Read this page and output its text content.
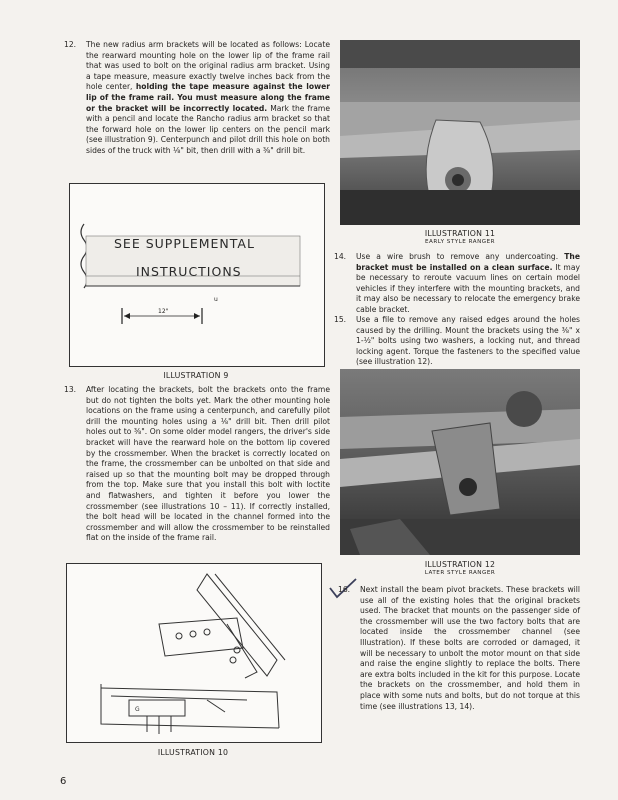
12. The new radius arm brackets will be located as follows: Locate the rearward mounting hole on the lower lip of the frame rail that was used to bolt on the original radius arm bracket. Using a tape measure, measure exactly twelve inches back from the hole center, holding the tape measure against the lower lip of the frame rail. You must measure along the frame or the bracket will be incorrectly located. Mark the frame with a pencil and locate the Rancho radius arm bracket so that the forward hole on the lower lip centers on the pencil mark (see illustration 9). Centerpunch and pilot drill this hole on both sides of the truck with ⅛" bit, then drill with a ⅜" drill bit.
SEE SUPPLEMENTAL
INSTRUCTIONS
12"
u
ILLUSTRATION 9
13. After locating the brackets, bolt the brackets onto the frame but do not tighten the bolts yet. Mark the other mounting hole locations on the frame using a centerpunch, and carefully pilot drill the mounting holes using a ⅛" drill bit. Then drill pilot holes out to ⅜". On some older model rangers, the driver's side bracket will have the rearward hole on the bottom lip covered by the crossmember. When the bracket is correctly located on the frame, the crossmember can be unbolted on that side and raised up so that the mounting bolt may be dropped through from the top. Make sure that you install this bolt with loctite and flatwashers, and tighten it before you lower the crossmember (see illustrations 10 – 11). If correctly installed, the bolt head will be located in the channel formed into the crossmember and will allow the crossmember to be reinstalled flat on the inside of the frame rail.
G
ILLUSTRATION 10
ILLUSTRATION 11
EARLY STYLE RANGER
14. Use a wire brush to remove any undercoating. The bracket must be installed on a clean surface. It may be necessary to reroute vacuum lines on certain model vehicles if they interfere with the mounting brackets, and it may also be necessary to relocate the emergency brake cable bracket.
15. Use a file to remove any raised edges around the holes caused by the drilling. Mount the brackets using the ⅜" x 1-½" bolts using two washers, a locking nut, and thread locking agent. Torque the fasteners to the specified value (see illustration 12).
ILLUSTRATION 12
LATER STYLE RANGER
16. Next install the beam pivot brackets. These brackets will use all of the existing holes that the original brackets used. The bracket that mounts on the passenger side of the crossmember will use the two factory bolts that are located inside the crossmember channel (see Illustration). If these bolts are corroded or damaged, it will be necessary to unbolt the motor mount on that side and raise the engine slightly to replace the bolts. There are extra bolts included in the kit for this purpose. Locate the brackets on the crossmember, and hold them in place with some nuts and bolts, but do not torque at this time (see illustrations 13, 14).
6
